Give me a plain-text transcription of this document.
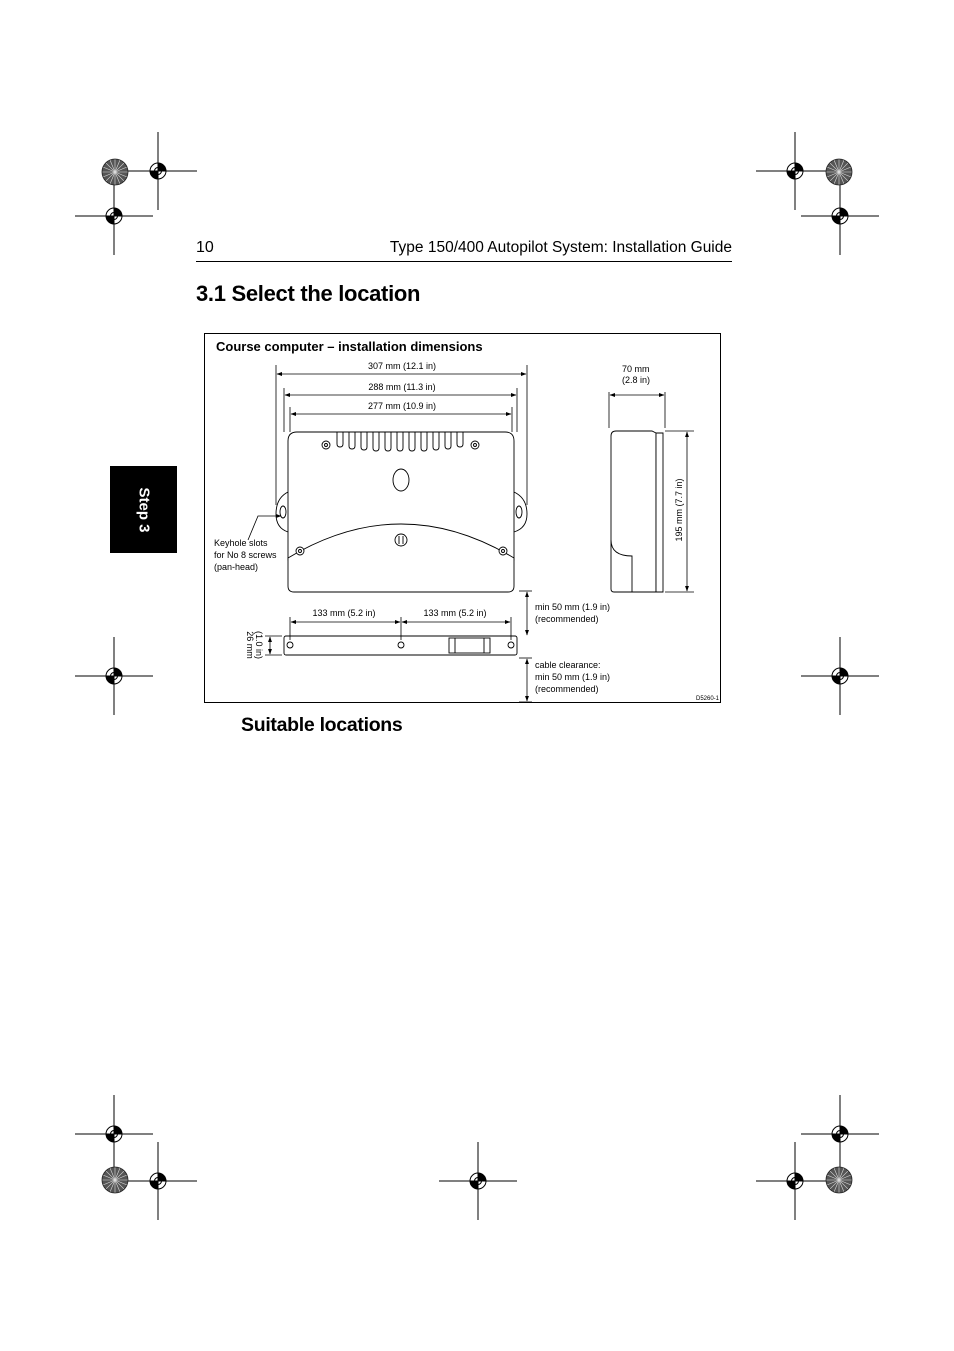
10	Type 150/400 Autopilot System: Installation Guide
Step 3
3.1 Select the location
Course computer – installation dimensions
307 mm (12.1 in)
288 mm (11.3 in)
277 mm (10.9 in)
Keyhole slots
for No 8 screws
(pan-head)
70 mm
(2.8 in)
195 mm (7.7 in)
133 mm (5.2 in)	133 mm (5.2 in)
min 50 mm (1.9 in)
(recommended)
26 mm (1.0 in)
cable clearance:
min 50 mm (1.9 in)
(recommended)
D5260-1
Suitable locations
